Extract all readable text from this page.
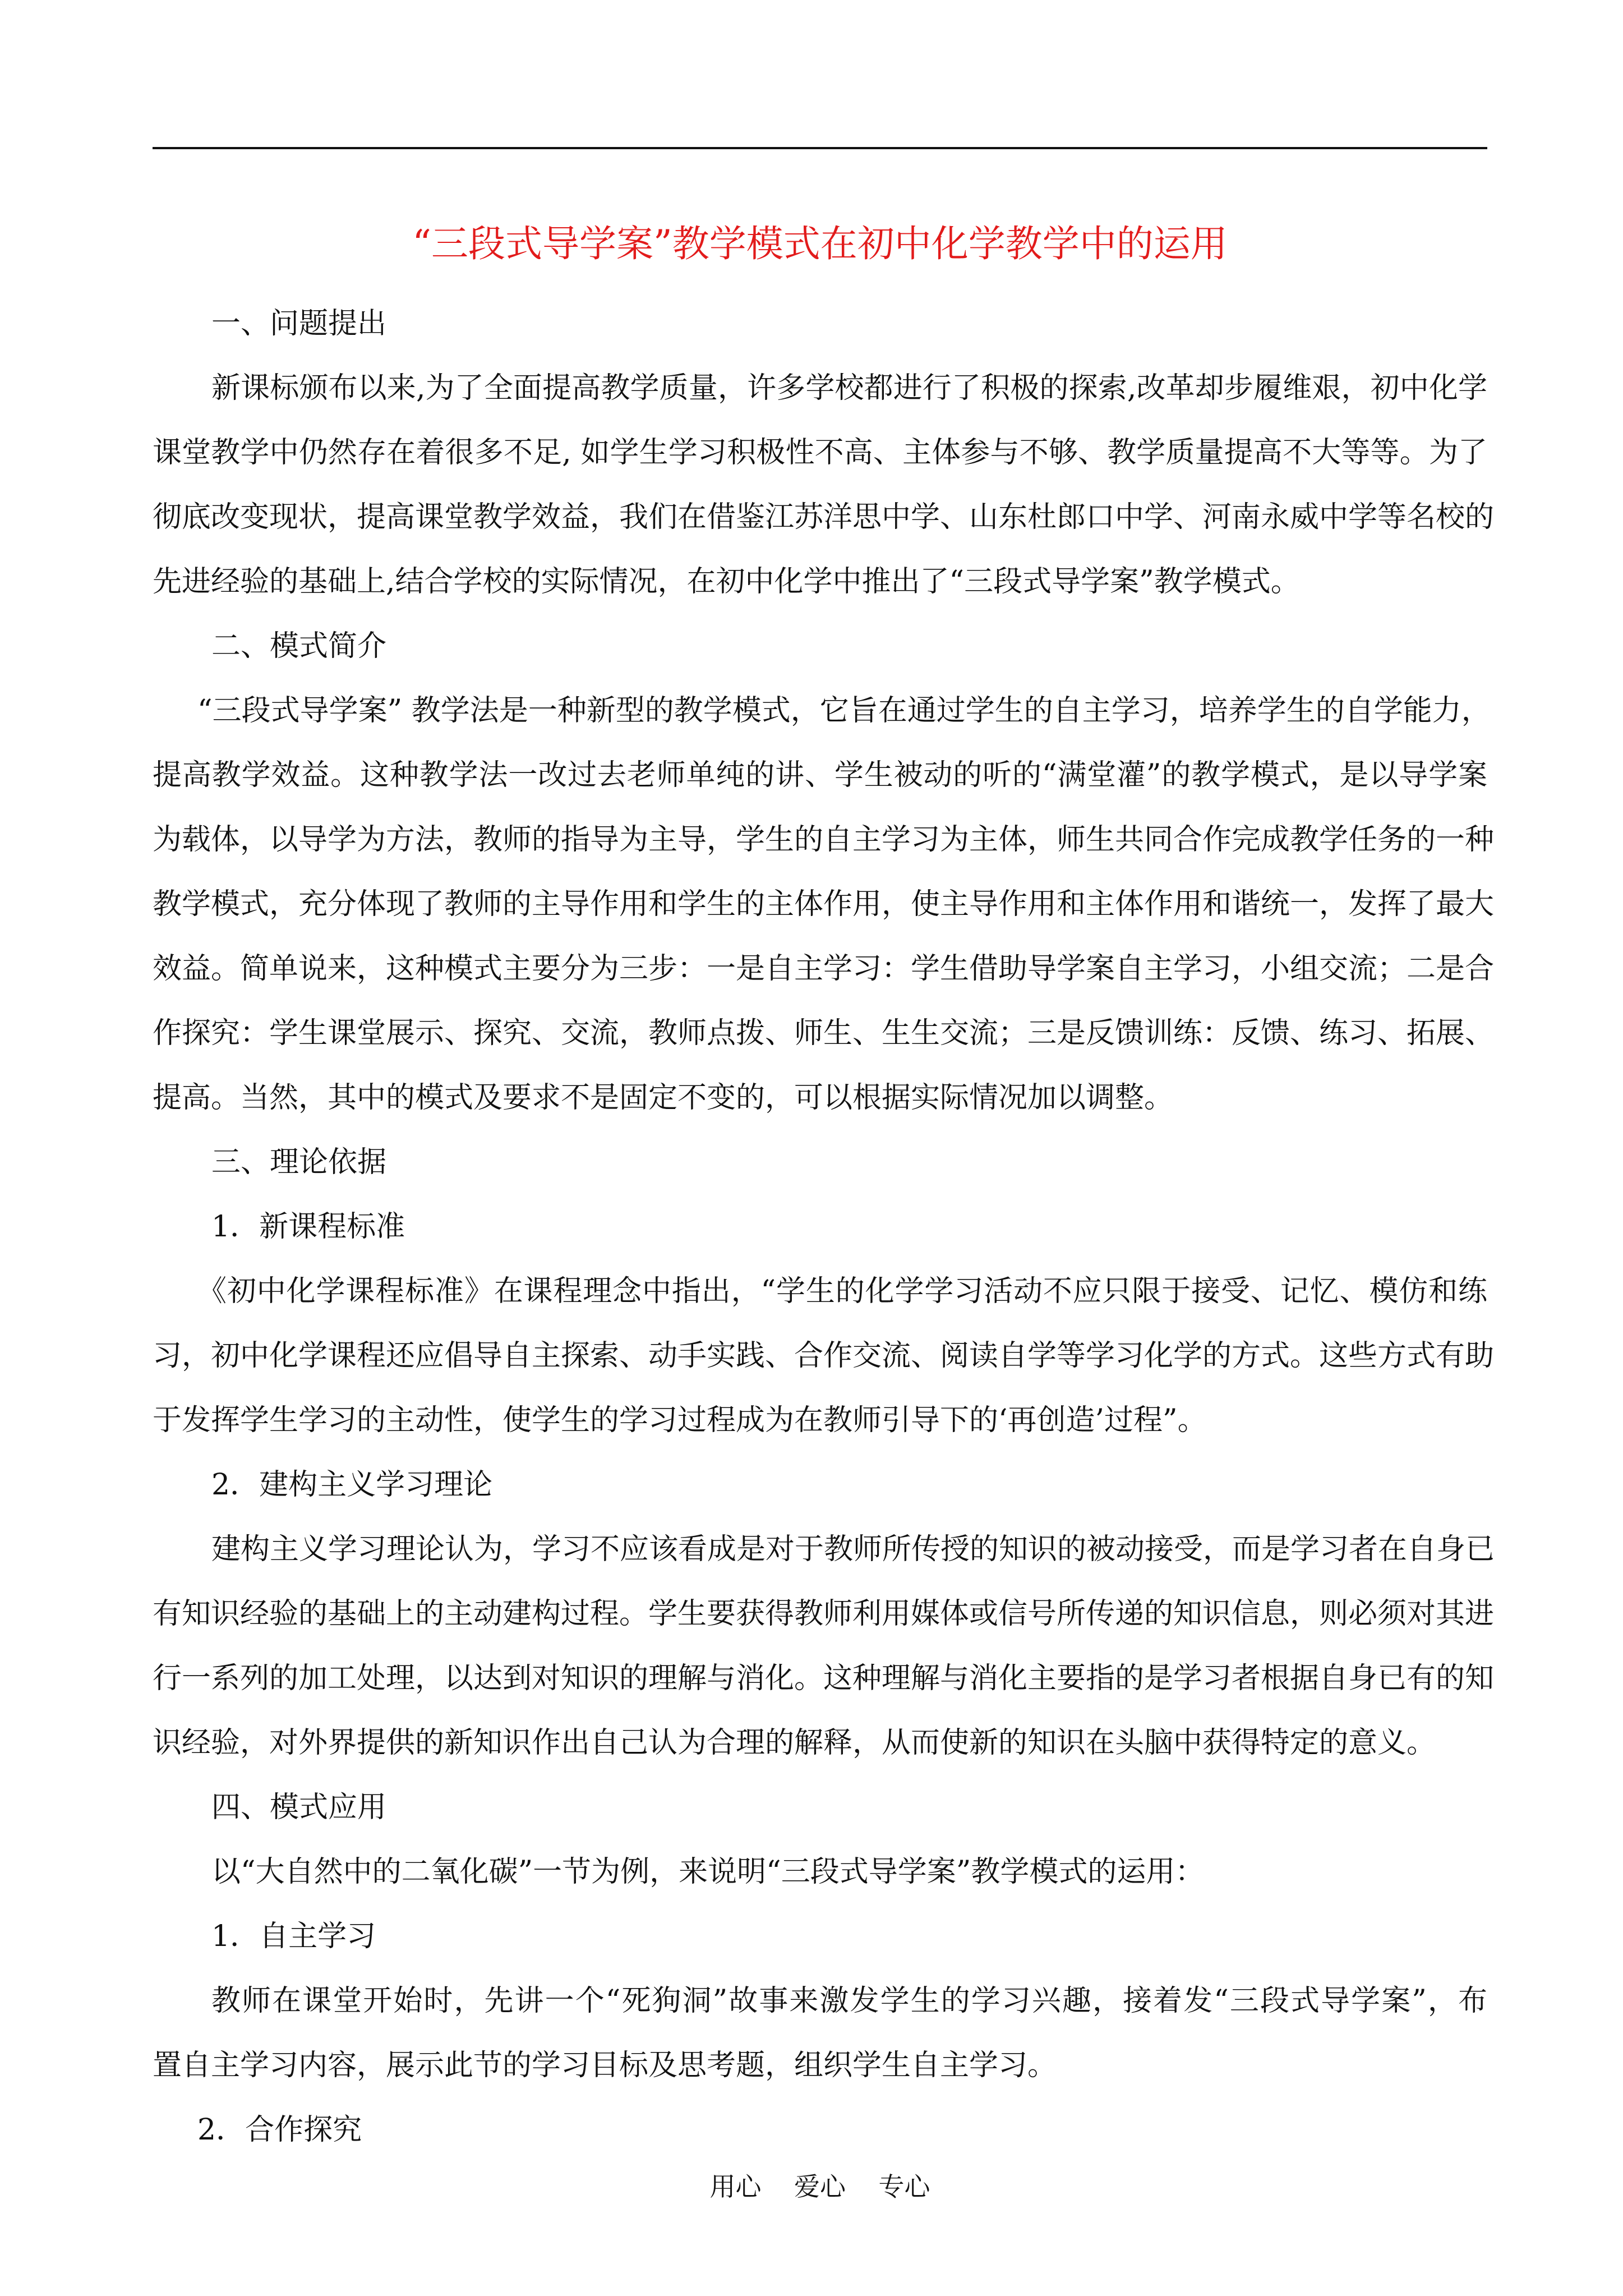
“三段式导学案”教学模式在初中化学教学中的运用

一、问题提出

新课标颁布以来,为了全面提高教学质量，许多学校都进行了积极的探索,改革却步履维艰，初中化学

课堂教学中仍然存在着很多不足, 如学生学习积极性不高、主体参与不够、教学质量提高不大等等。为了

彻底改变现状，提高课堂教学效益，我们在借鉴江苏洋思中学、山东杜郎口中学、河南永威中学等名校的

先进经验的基础上,结合学校的实际情况，在初中化学中推出了“三段式导学案”教学模式。

二、模式简介

“三段式导学案” 教学法是一种新型的教学模式，它旨在通过学生的自主学习，培养学生的自学能力，

提高教学效益。这种教学法一改过去老师单纯的讲、学生被动的听的“满堂灌”的教学模式，是以导学案

为载体，以导学为方法，教师的指导为主导，学生的自主学习为主体，师生共同合作完成教学任务的一种

教学模式，充分体现了教师的主导作用和学生的主体作用，使主导作用和主体作用和谐统一，发挥了最大

效益。简单说来，这种模式主要分为三步：一是自主学习：学生借助导学案自主学习，小组交流；二是合

作探究：学生课堂展示、探究、交流，教师点拨、师生、生生交流；三是反馈训练：反馈、练习、拓展、

提高。当然，其中的模式及要求不是固定不变的，可以根据实际情况加以调整。

三、理论依据

1．新课程标准

《初中化学课程标准》在课程理念中指出，“学生的化学学习活动不应只限于接受、记忆、模仿和练

习，初中化学课程还应倡导自主探索、动手实践、合作交流、阅读自学等学习化学的方式。这些方式有助

于发挥学生学习的主动性，使学生的学习过程成为在教师引导下的‘再创造’过程”。

2．建构主义学习理论

建构主义学习理论认为，学习不应该看成是对于教师所传授的知识的被动接受，而是学习者在自身已

有知识经验的基础上的主动建构过程。学生要获得教师利用媒体或信号所传递的知识信息，则必须对其进

行一系列的加工处理，以达到对知识的理解与消化。这种理解与消化主要指的是学习者根据自身已有的知

识经验，对外界提供的新知识作出自己认为合理的解释，从而使新的知识在头脑中获得特定的意义。

四、模式应用

以“大自然中的二氧化碳”一节为例，来说明“三段式导学案”教学模式的运用：

1．自主学习

教师在课堂开始时，先讲一个“死狗洞”故事来激发学生的学习兴趣，接着发“三段式导学案”，布

置自主学习内容，展示此节的学习目标及思考题，组织学生自主学习。

2．合作探究

用心    爱心    专心
